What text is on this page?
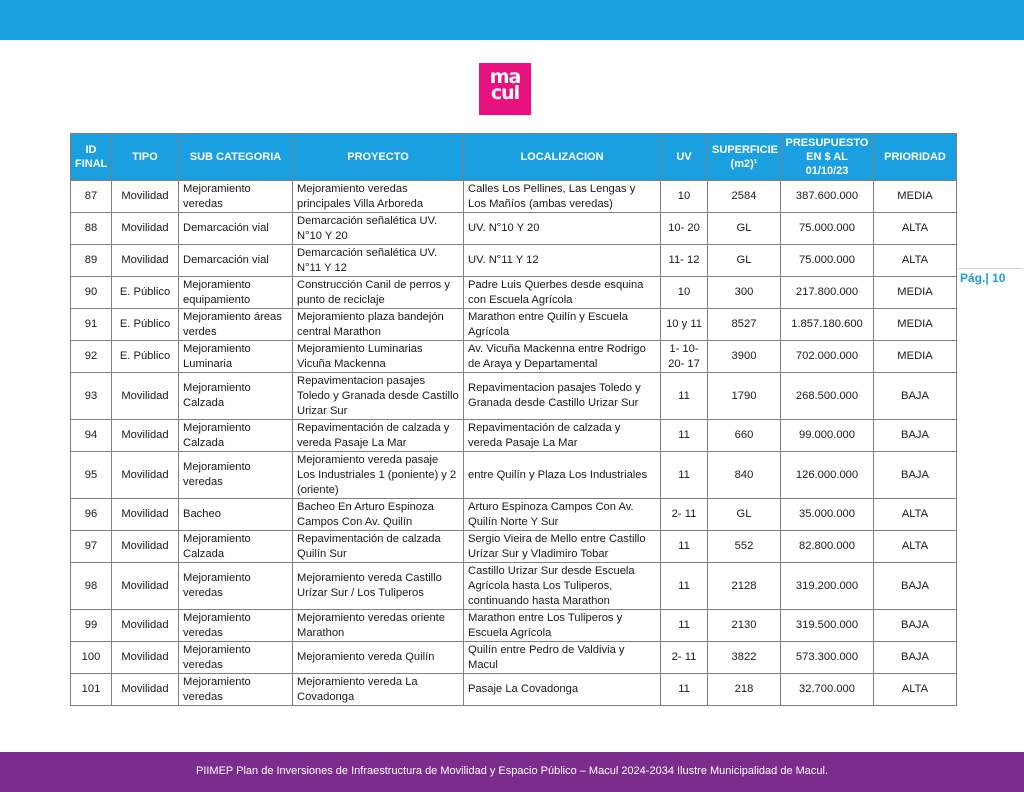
ma
cul
Pág.| 10
ID FINAL	TIPO	SUB CATEGORIA	PROYECTO	LOCALIZACION	UV	SUPERFICIE (m2)¹	PRESUPUESTO EN $ AL 01/10/23	PRIORIDAD
87	Movilidad	Mejoramiento veredas	Mejoramiento veredas principales Villa Arboreda	Calles Los Pellines, Las Lengas y Los Mañíos (ambas veredas)	10	2584	387.600.000	MEDIA
88	Movilidad	Demarcación vial	Demarcación señalética UV. N°10 Y 20	UV. N°10 Y 20	10- 20	GL	75.000.000	ALTA
89	Movilidad	Demarcación vial	Demarcación señalética UV. N°11 Y 12	UV. N°11 Y 12	11- 12	GL	75.000.000	ALTA
90	E. Público	Mejoramiento equipamiento	Construcción Canil de perros y punto de reciclaje	Padre Luis Querbes desde esquina con Escuela Agrícola	10	300	217.800.000	MEDIA
91	E. Público	Mejoramiento áreas verdes	Mejoramiento plaza bandejón central Marathon	Marathon entre Quilín y Escuela Agrícola	10 y 11	8527	1.857.180.600	MEDIA
92	E. Público	Mejoramiento Luminaria	Mejoramiento Luminarias Vicuña Mackenna	Av. Vicuña Mackenna entre Rodrigo de Araya y Departamental	1- 10- 20- 17	3900	702.000.000	MEDIA
93	Movilidad	Mejoramiento Calzada	Repavimentacion pasajes Toledo y Granada desde Castillo Urizar Sur	Repavimentacion pasajes Toledo y Granada desde Castillo Urizar Sur	11	1790	268.500.000	BAJA
94	Movilidad	Mejoramiento Calzada	Repavimentación de calzada y vereda Pasaje La Mar	Repavimentación de calzada y vereda Pasaje La Mar	11	660	99.000.000	BAJA
95	Movilidad	Mejoramiento veredas	Mejoramiento vereda pasaje Los Industriales 1 (poniente) y 2 (oriente)	entre Quilín y Plaza Los Industriales	11	840	126.000.000	BAJA
96	Movilidad	Bacheo	Bacheo En Arturo Espinoza Campos Con Av. Quilín	Arturo Espinoza Campos Con Av. Quilín Norte Y Sur	2- 11	GL	35.000.000	ALTA
97	Movilidad	Mejoramiento Calzada	Repavimentación de calzada Quilín Sur	Sergio Vieira de Mello entre Castillo Urízar Sur y Vladimiro Tobar	11	552	82.800.000	ALTA
98	Movilidad	Mejoramiento veredas	Mejoramiento vereda Castillo Urízar Sur / Los Tuliperos	Castillo Urizar Sur desde Escuela Agrícola hasta Los Tuliperos, continuando hasta Marathon	11	2128	319.200.000	BAJA
99	Movilidad	Mejoramiento veredas	Mejoramiento veredas oriente Marathon	Marathon entre Los Tuliperos y Escuela Agrícola	11	2130	319.500.000	BAJA
100	Movilidad	Mejoramiento veredas	Mejoramiento vereda Quilín	Quilín entre Pedro de Valdivia y Macul	2- 11	3822	573.300.000	BAJA
101	Movilidad	Mejoramiento veredas	Mejoramiento vereda La Covadonga	Pasaje La Covadonga	11	218	32.700.000	ALTA
PIIMEP Plan de Inversiones de Infraestructura de Movilidad y Espacio Público – Macul 2024-2034 Ilustre Municipalidad de Macul.
